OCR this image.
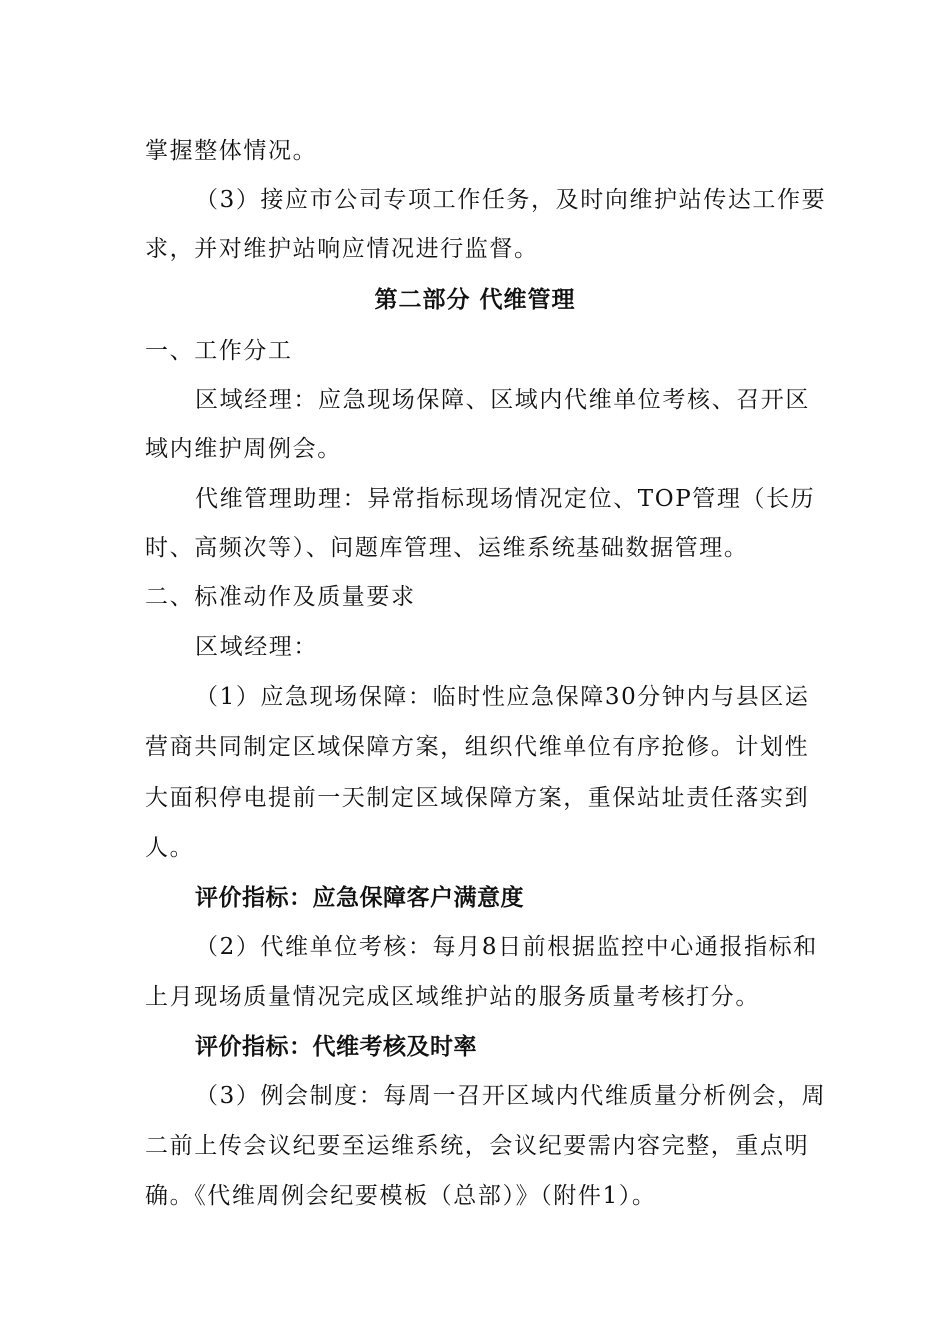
掌握整体情况。
（3）接应市公司专项工作任务，及时向维护站传达工作要
求，并对维护站响应情况进行监督。
第二部分 代维管理
一、工作分工
区域经理：应急现场保障、区域内代维单位考核、召开区
域内维护周例会。
代维管理助理：异常指标现场情况定位、TOP管理（长历
时、高频次等）、问题库管理、运维系统基础数据管理。
二、标准动作及质量要求
区域经理：
（1）应急现场保障：临时性应急保障30分钟内与县区运
营商共同制定区域保障方案，组织代维单位有序抢修。计划性
大面积停电提前一天制定区域保障方案，重保站址责任落实到
人。
评价指标：应急保障客户满意度
（2）代维单位考核：每月8日前根据监控中心通报指标和
上月现场质量情况完成区域维护站的服务质量考核打分。
评价指标：代维考核及时率
（3）例会制度：每周一召开区域内代维质量分析例会，周
二前上传会议纪要至运维系统，会议纪要需内容完整，重点明
确。《代维周例会纪要模板（总部）》（附件1）。
